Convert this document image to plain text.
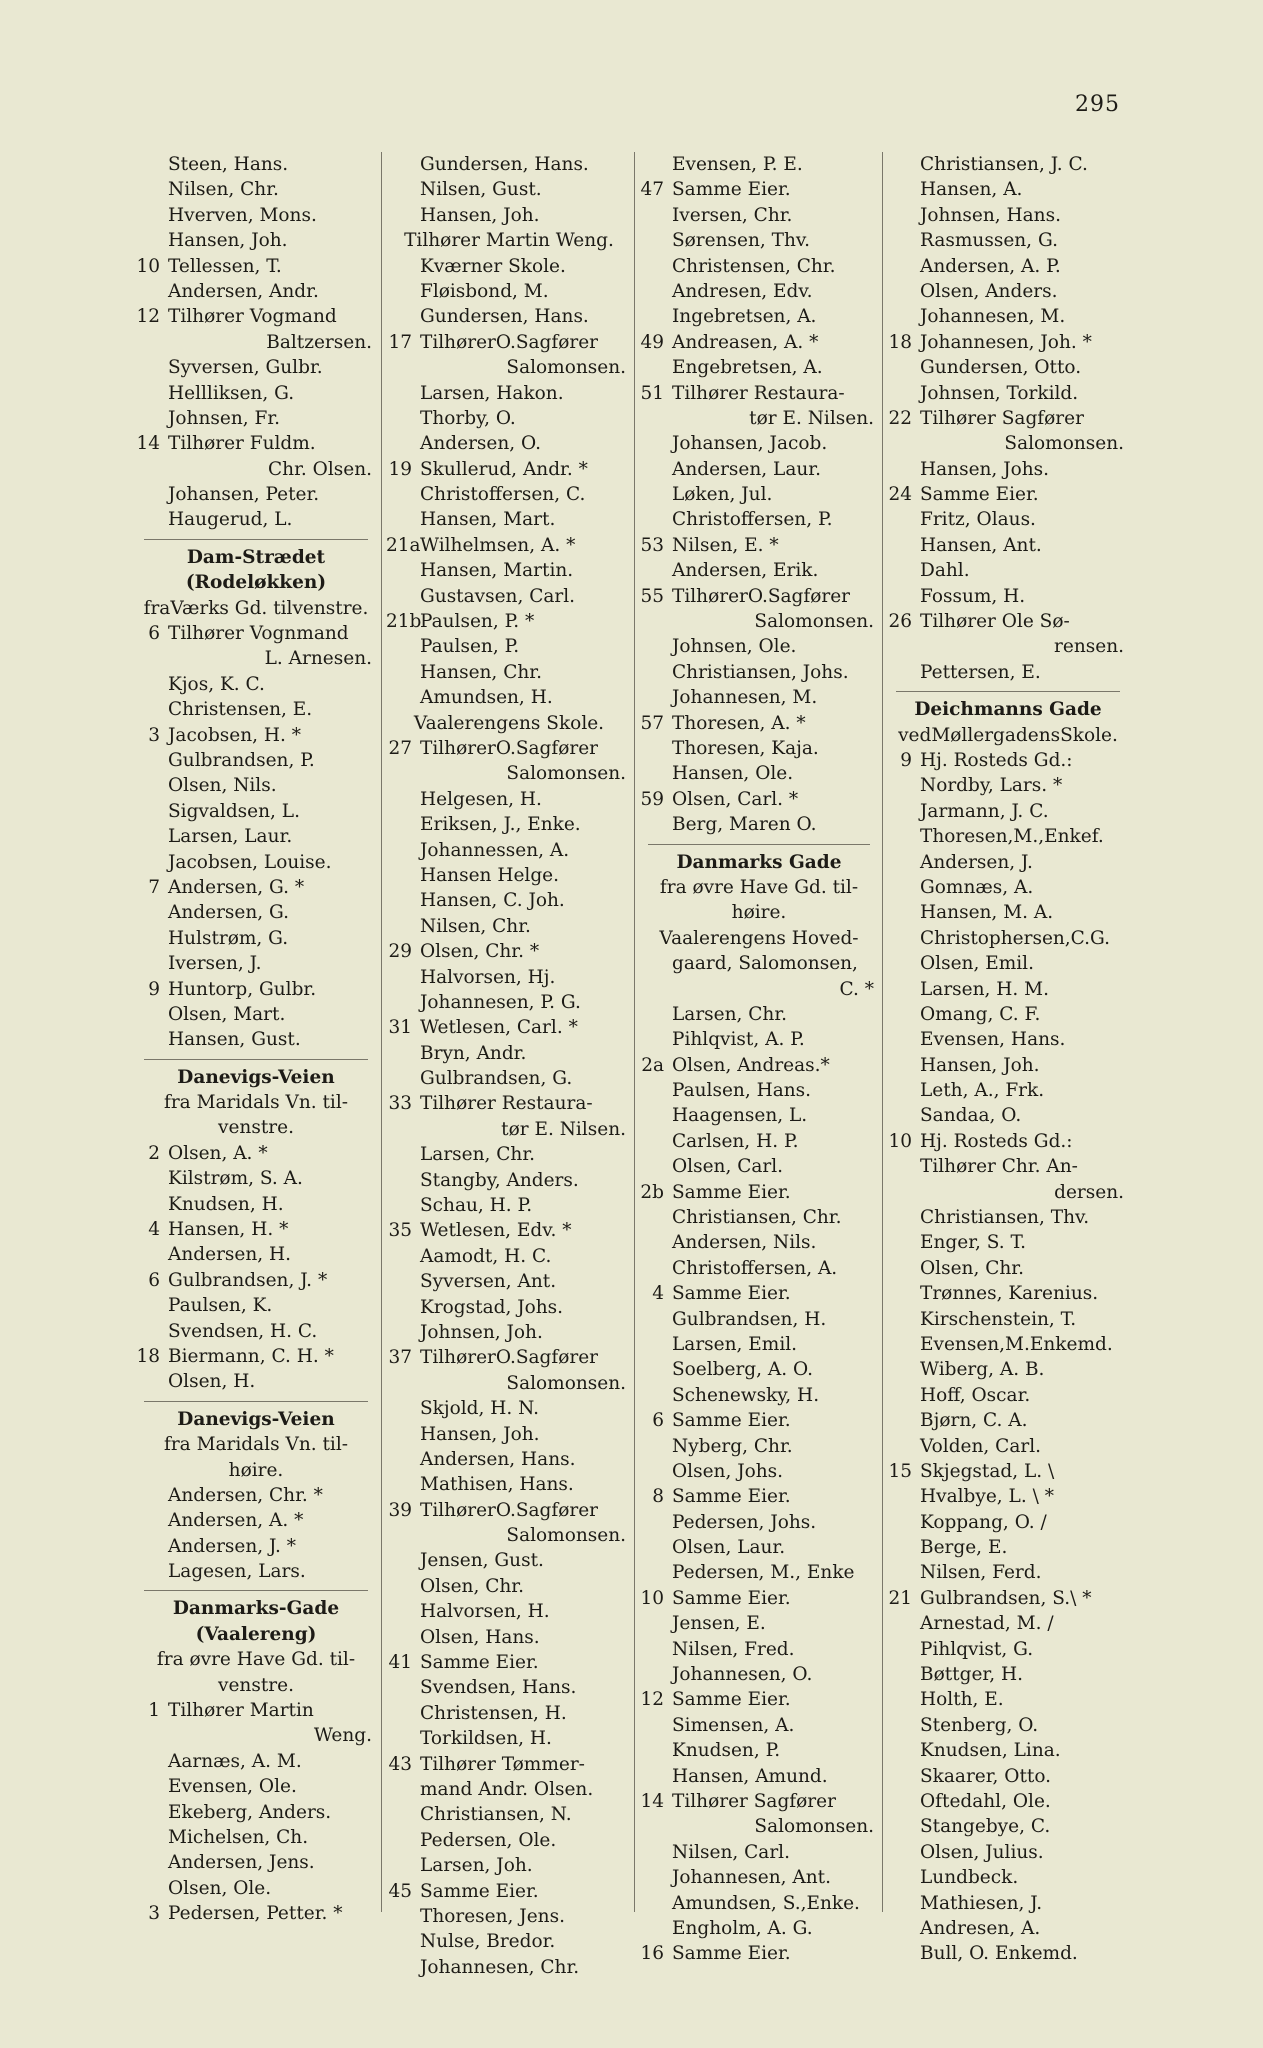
295
Steen, Hans.
Nilsen, Chr.
Hverven, Mons.
Hansen, Joh.
10 Tellessen, T.
Andersen, Andr.
12 Tilhører Vogmand
Baltzersen.
Syversen, Gulbr.
Hellliksen, G.
Johnsen, Fr.
14 Tilhører Fuldm.
Chr. Olsen.
Johansen, Peter.
Haugerud, L.
Dam-Strædet
(Rodeløkken)
fraVærks Gd. tilvenstre.
6 Tilhører Vognmand
L. Arnesen.
Kjos, K. C.
Christensen, E.
3 Jacobsen, H. *
Gulbrandsen, P.
Olsen, Nils.
Sigvaldsen, L.
Larsen, Laur.
Jacobsen, Louise.
7 Andersen, G. *
Andersen, G.
Hulstrøm, G.
Iversen, J.
9 Huntorp, Gulbr.
Olsen, Mart.
Hansen, Gust.
Danevigs-Veien
fra Maridals Vn. til-
venstre.
2 Olsen, A. *
Kilstrøm, S. A.
Knudsen, H.
4 Hansen, H. *
Andersen, H.
6 Gulbrandsen, J. *
Paulsen, K.
Svendsen, H. C.
18 Biermann, C. H. *
Olsen, H.
Danevigs-Veien
fra Maridals Vn. til-
høire.
Andersen, Chr. *
Andersen, A. *
Andersen, J. *
Lagesen, Lars.
Danmarks-Gade
(Vaalereng)
fra øvre Have Gd. til-
venstre.
1 Tilhører Martin
Weng.
Aarnæs, A. M.
Evensen, Ole.
Ekeberg, Anders.
Michelsen, Ch.
Andersen, Jens.
Olsen, Ole.
3 Pedersen, Petter. *
Gundersen, Hans.
Nilsen, Gust.
Hansen, Joh.
Tilhører Martin Weng.
Kværner Skole.
Fløisbond, M.
Gundersen, Hans.
17 TilhørerO.Sagfører
Salomonsen.
Larsen, Hakon.
Thorby, O.
Andersen, O.
19 Skullerud, Andr. *
Christoffersen, C.
Hansen, Mart.
21aWilhelmsen, A. *
Hansen, Martin.
Gustavsen, Carl.
21bPaulsen, P. *
Paulsen, P.
Hansen, Chr.
Amundsen, H.
Vaalerengens Skole.
27 TilhørerO.Sagfører
Salomonsen.
Helgesen, H.
Eriksen, J., Enke.
Johannessen, A.
Hansen Helge.
Hansen, C. Joh.
Nilsen, Chr.
29 Olsen, Chr. *
Halvorsen, Hj.
Johannesen, P. G.
31 Wetlesen, Carl. *
Bryn, Andr.
Gulbrandsen, G.
33 Tilhører Restaura-
tør E. Nilsen.
Larsen, Chr.
Stangby, Anders.
Schau, H. P.
35 Wetlesen, Edv. *
Aamodt, H. C.
Syversen, Ant.
Krogstad, Johs.
Johnsen, Joh.
37 TilhørerO.Sagfører
Salomonsen.
Skjold, H. N.
Hansen, Joh.
Andersen, Hans.
Mathisen, Hans.
39 TilhørerO.Sagfører
Salomonsen.
Jensen, Gust.
Olsen, Chr.
Halvorsen, H.
Olsen, Hans.
41 Samme Eier.
Svendsen, Hans.
Christensen, H.
Torkildsen, H.
43 Tilhører Tømmer-
mand Andr. Olsen.
Christiansen, N.
Pedersen, Ole.
Larsen, Joh.
45 Samme Eier.
Thoresen, Jens.
Nulse, Bredor.
Johannesen, Chr.
Evensen, P. E.
47 Samme Eier.
Iversen, Chr.
Sørensen, Thv.
Christensen, Chr.
Andresen, Edv.
Ingebretsen, A.
49 Andreasen, A. *
Engebretsen, A.
51 Tilhører Restaura-
tør E. Nilsen.
Johansen, Jacob.
Andersen, Laur.
Løken, Jul.
Christoffersen, P.
53 Nilsen, E. *
Andersen, Erik.
55 TilhørerO.Sagfører
Salomonsen.
Johnsen, Ole.
Christiansen, Johs.
Johannesen, M.
57 Thoresen, A. *
Thoresen, Kaja.
Hansen, Ole.
59 Olsen, Carl. *
Berg, Maren O.
Danmarks Gade
fra øvre Have Gd. til-
høire.
Vaalerengens Hoved-
gaard, Salomonsen,
C. *
Larsen, Chr.
Pihlqvist, A. P.
2a Olsen, Andreas.*
Paulsen, Hans.
Haagensen, L.
Carlsen, H. P.
Olsen, Carl.
2b Samme Eier.
Christiansen, Chr.
Andersen, Nils.
Christoffersen, A.
4 Samme Eier.
Gulbrandsen, H.
Larsen, Emil.
Soelberg, A. O.
Schenewsky, H.
6 Samme Eier.
Nyberg, Chr.
Olsen, Johs.
8 Samme Eier.
Pedersen, Johs.
Olsen, Laur.
Pedersen, M., Enke
10 Samme Eier.
Jensen, E.
Nilsen, Fred.
Johannesen, O.
12 Samme Eier.
Simensen, A.
Knudsen, P.
Hansen, Amund.
14 Tilhører Sagfører
Salomonsen.
Nilsen, Carl.
Johannesen, Ant.
Amundsen, S.,Enke.
Engholm, A. G.
16 Samme Eier.
Christiansen, J. C.
Hansen, A.
Johnsen, Hans.
Rasmussen, G.
Andersen, A. P.
Olsen, Anders.
Johannesen, M.
18 Johannesen, Joh. *
Gundersen, Otto.
Johnsen, Torkild.
22 Tilhører Sagfører
Salomonsen.
Hansen, Johs.
24 Samme Eier.
Fritz, Olaus.
Hansen, Ant.
Dahl.
Fossum, H.
26 Tilhører Ole Sø-
rensen.
Pettersen, E.
Deichmanns Gade
vedMøllergadensSkole.
9 Hj. Rosteds Gd.:
Nordby, Lars. *
Jarmann, J. C.
Thoresen,M.,Enkef.
Andersen, J.
Gomnæs, A.
Hansen, M. A.
Christophersen,C.G.
Olsen, Emil.
Larsen, H. M.
Omang, C. F.
Evensen, Hans.
Hansen, Joh.
Leth, A., Frk.
Sandaa, O.
10 Hj. Rosteds Gd.:
Tilhører Chr. An-
dersen.
Christiansen, Thv.
Enger, S. T.
Olsen, Chr.
Trønnes, Karenius.
Kirschenstein, T.
Evensen,M.Enkemd.
Wiberg, A. B.
Hoff, Oscar.
Bjørn, C. A.
Volden, Carl.
15 Skjegstad, L. \
Hvalbye, L. \ *
Koppang, O. /
Berge, E.
Nilsen, Ferd.
21 Gulbrandsen, S.\ *
Arnestad, M. /
Pihlqvist, G.
Bøttger, H.
Holth, E.
Stenberg, O.
Knudsen, Lina.
Skaarer, Otto.
Oftedahl, Ole.
Stangebye, C.
Olsen, Julius.
Lundbeck.
Mathiesen, J.
Andresen, A.
Bull, O. Enkemd.
